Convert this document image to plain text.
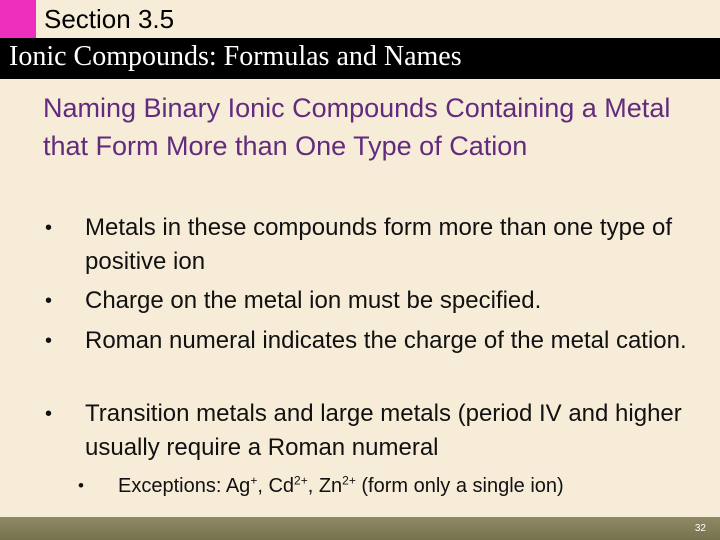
Section 3.5
Ionic Compounds: Formulas and Names
Naming Binary Ionic Compounds Containing a Metal that Form More than One Type of Cation
• Metals in these compounds form more than one type of positive ion
• Charge on the metal ion must be specified.
• Roman numeral indicates the charge of the metal cation.
• Transition metals and large metals (period IV and higher usually require a Roman numeral
• Exceptions: Ag+, $Cd^{2+}$, $Zn^{2+}$ (form only a single ion)
32
